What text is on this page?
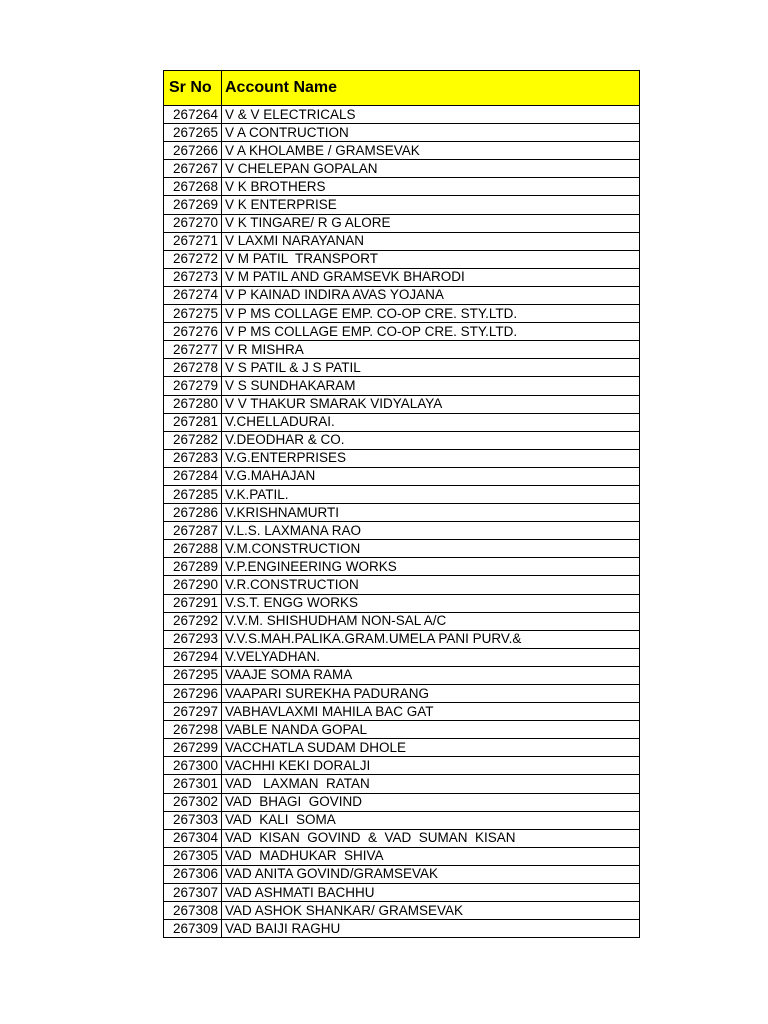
Sr No	Account Name
267264	V & V ELECTRICALS
267265	V A CONTRUCTION
267266	V A KHOLAMBE / GRAMSEVAK
267267	V CHELEPAN GOPALAN
267268	V K BROTHERS
267269	V K ENTERPRISE
267270	V K TINGARE/ R G ALORE
267271	V LAXMI NARAYANAN
267272	V M PATIL  TRANSPORT
267273	V M PATIL AND GRAMSEVK BHARODI
267274	V P KAINAD INDIRA AVAS YOJANA
267275	V P MS COLLAGE EMP. CO-OP CRE. STY.LTD.
267276	V P MS COLLAGE EMP. CO-OP CRE. STY.LTD.
267277	V R MISHRA
267278	V S PATIL & J S PATIL
267279	V S SUNDHAKARAM
267280	V V THAKUR SMARAK VIDYALAYA
267281	V.CHELLADURAI.
267282	V.DEODHAR & CO.
267283	V.G.ENTERPRISES
267284	V.G.MAHAJAN
267285	V.K.PATIL.
267286	V.KRISHNAMURTI
267287	V.L.S. LAXMANA RAO
267288	V.M.CONSTRUCTION
267289	V.P.ENGINEERING WORKS
267290	V.R.CONSTRUCTION
267291	V.S.T. ENGG WORKS
267292	V.V.M. SHISHUDHAM NON-SAL A/C
267293	V.V.S.MAH.PALIKA.GRAM.UMELA PANI PURV.&
267294	V.VELYADHAN.
267295	VAAJE SOMA RAMA
267296	VAAPARI SUREKHA PADURANG
267297	VABHAVLAXMI MAHILA BAC GAT
267298	VABLE NANDA GOPAL
267299	VACCHATLA SUDAM DHOLE
267300	VACHHI KEKI DORALJI
267301	VAD   LAXMAN  RATAN
267302	VAD  BHAGI  GOVIND
267303	VAD  KALI  SOMA
267304	VAD  KISAN  GOVIND  &  VAD  SUMAN  KISAN
267305	VAD  MADHUKAR  SHIVA
267306	VAD ANITA GOVIND/GRAMSEVAK
267307	VAD ASHMATI BACHHU
267308	VAD ASHOK SHANKAR/ GRAMSEVAK
267309	VAD BAIJI RAGHU
